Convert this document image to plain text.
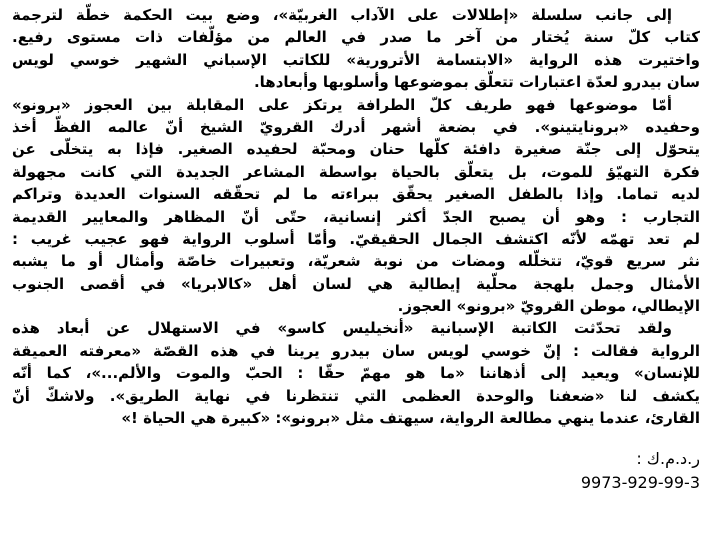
إلى جانب سلسلة «إطلالات على الآداب الغربيّة»، وضع بيت الحكمة خطّة لترجمة
كتاب كلّ سنة يُختار من آخر ما صدر في العالم من مؤلّفات ذات مستوى رفيع.
واختيرت هذه الرواية «الابتسامة الأترورية» للكاتب الإسباني الشهير خوسي لويس
سان بيدرو لعدّة اعتبارات تتعلّق بموضوعها وأسلوبها وأبعادها.
أمّا موضوعها فهو طريف كلّ الطرافة يرتكز على المقابلة بين العجوز «برونو»
وحفيده «برونايتينو». في بضعة أشهر أدرك القرويّ الشيخ أنّ عالمه الفظّ أخذ
يتحوّل إلى جنّة صغيرة دافئة كلّها حنان ومحبّة لحفيده الصغير. فإذا به يتخلّى عن
فكرة التهيّؤ للموت، بل يتعلّق بالحياة بواسطة المشاعر الجديدة التي كانت مجهولة
لديه تماما. وإذا بالطفل الصغير يحقّق ببراءته ما لم تحقّقه السنوات العديدة وتراكم
التجارب : وهو أن يصبح الجدّ أكثر إنسانية، حتّى أنّ المظاهر والمعايير القديمة
لم تعد تهمّه لأنّه اكتشف الجمال الحقيقيّ. وأمّا أسلوب الرواية فهو عجيب غريب :
نثر سريع قويّ، تتخلّله ومضات من نوبة شعريّة، وتعبيرات خاصّة وأمثال أو ما يشبه
الأمثال وجمل بلهجة محلّية إيطالية هي لسان أهل «كالابريا» في أقصى الجنوب
الإيطالي، موطن القرويّ «برونو» العجوز.
ولقد تحدّثت الكاتبة الإسبانية «أنخيليس كاسو» في الاستهلال عن أبعاد هذه
الرواية فقالت : إنّ خوسي لويس سان بيدرو يرينا في هذه القصّة «معرفته العميقة
للإنسان» ويعيد إلى أذهاننا «ما هو مهمّ حقّا : الحبّ والموت والألم...»، كما أنّه
يكشف لنا «ضعفنا والوحدة العظمى التي تنتظرنا في نهاية الطريق». ولاشكّ أنّ
القارئ، عندما ينهي مطالعة الرواية، سيهتف مثل «برونو»: «كبيرة هي الحياة !»
ر.د.م.ك :
9973-929-99-3
